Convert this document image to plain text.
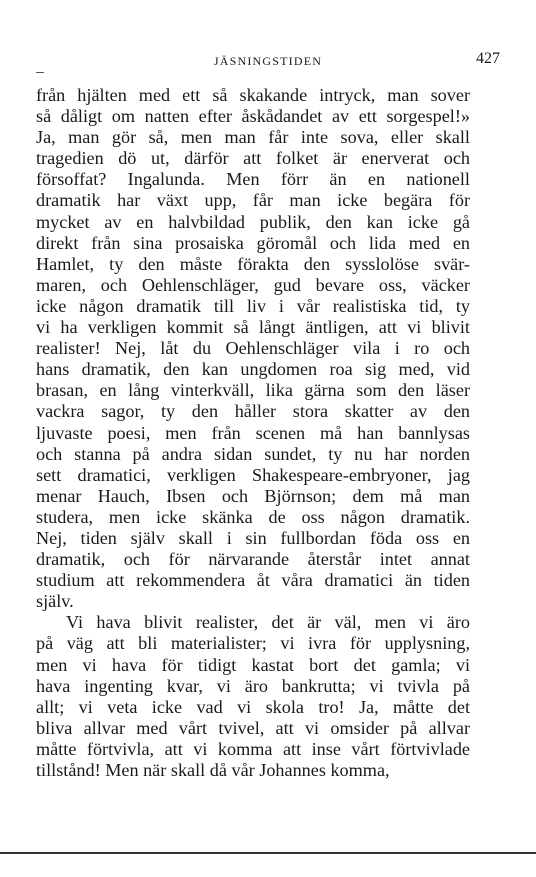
JÄSNINGSTIDEN	427
från hjälten med ett så skakande intryck, man sover
så dåligt om natten efter åskådandet av ett sorgespel!»
Ja, man gör så, men man får inte sova, eller skall
tragedien dö ut, därför att folket är enerverat och
försoffat? Ingalunda. Men förr än en nationell
dramatik har växt upp, får man icke begära för
mycket av en halvbildad publik, den kan icke gå
direkt från sina prosaiska göromål och lida med en
Hamlet, ty den måste förakta den sysslolöse svär-
maren, och Oehlenschläger, gud bevare oss, väcker
icke någon dramatik till liv i vår realistiska tid, ty
vi ha verkligen kommit så långt äntligen, att vi blivit
realister! Nej, låt du Oehlenschläger vila i ro och
hans dramatik, den kan ungdomen roa sig med, vid
brasan, en lång vinterkväll, lika gärna som den läser
vackra sagor, ty den håller stora skatter av den
ljuvaste poesi, men från scenen må han bannlysas
och stanna på andra sidan sundet, ty nu har norden
sett dramatici, verkligen Shakespeare-embryoner, jag
menar Hauch, Ibsen och Björnson; dem må man
studera, men icke skänka de oss någon dramatik.
Nej, tiden själv skall i sin fullbordan föda oss en
dramatik, och för närvarande återstår intet annat
studium att rekommendera åt våra dramatici än tiden
själv.
Vi hava blivit realister, det är väl, men vi äro
på väg att bli materialister; vi ivra för upplysning,
men vi hava för tidigt kastat bort det gamla; vi
hava ingenting kvar, vi äro bankrutta; vi tvivla på
allt; vi veta icke vad vi skola tro! Ja, måtte det
bliva allvar med vårt tvivel, att vi omsider på allvar
måtte förtvivla, att vi komma att inse vårt förtvivlade
tillstånd! Men när skall då vår Johannes komma,
